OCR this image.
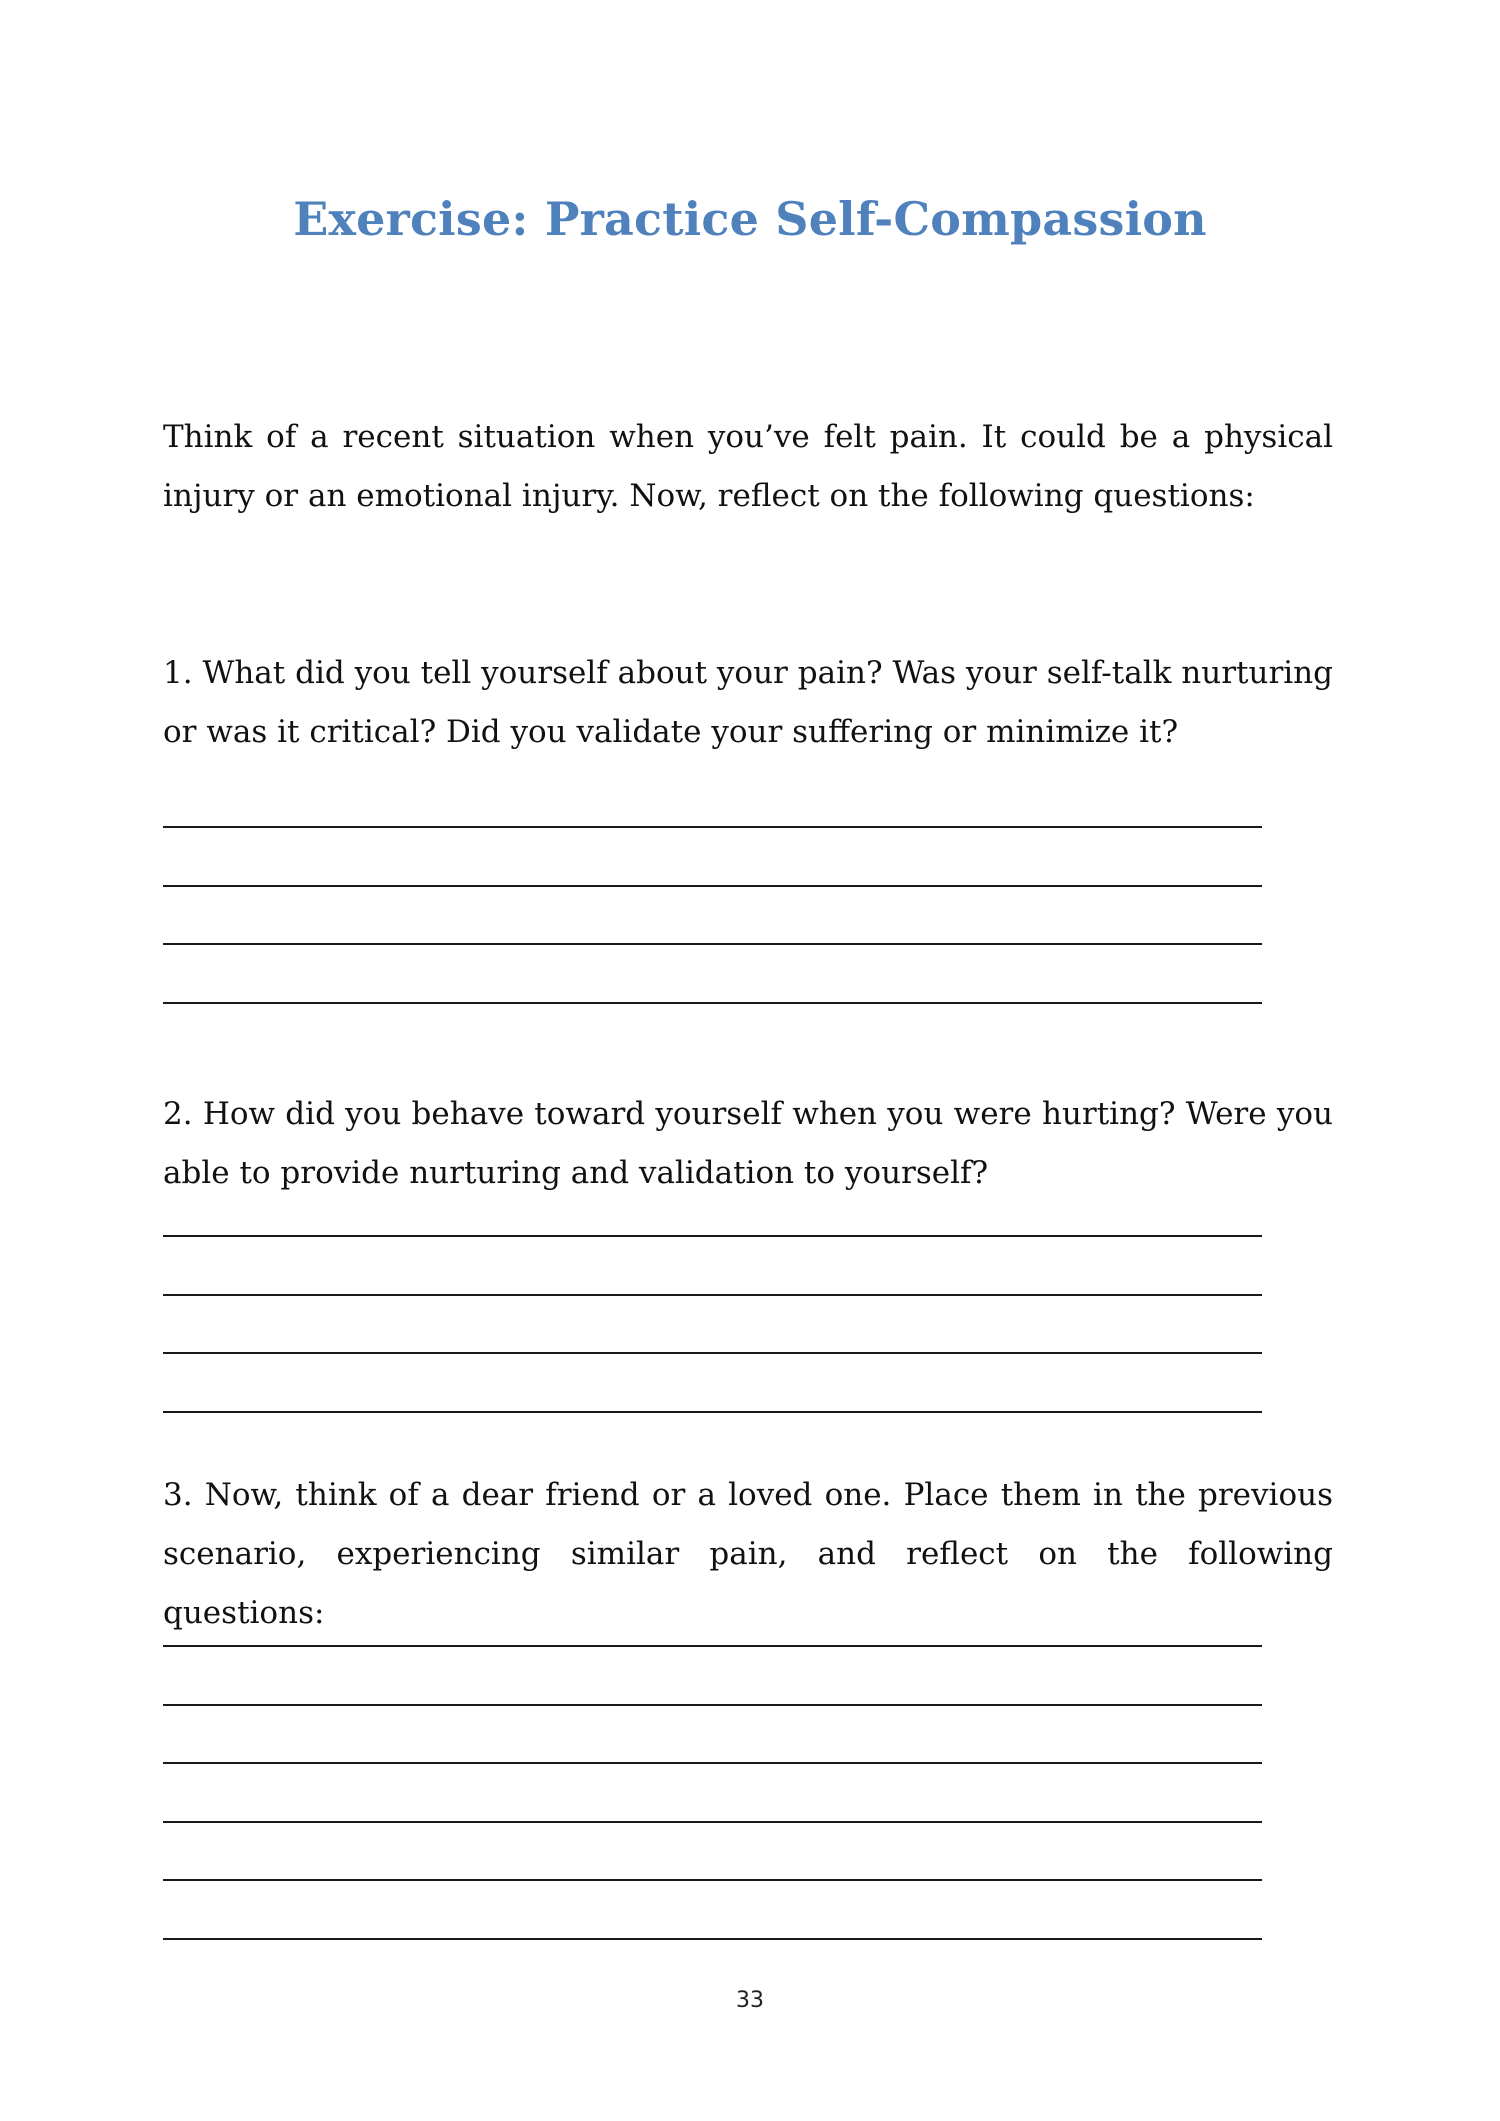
Exercise: Practice Self-Compassion

Think of a recent situation when you’ve felt pain. It could be a physical injury or an emotional injury. Now, reflect on the following questions:

1. What did you tell yourself about your pain? Was your self-talk nurturing or was it critical? Did you validate your suffering or minimize it?

2. How did you behave toward yourself when you were hurting? Were you able to provide nurturing and validation to yourself?

3. Now, think of a dear friend or a loved one. Place them in the previous scenario, experiencing similar pain, and reflect on the following questions:

33
